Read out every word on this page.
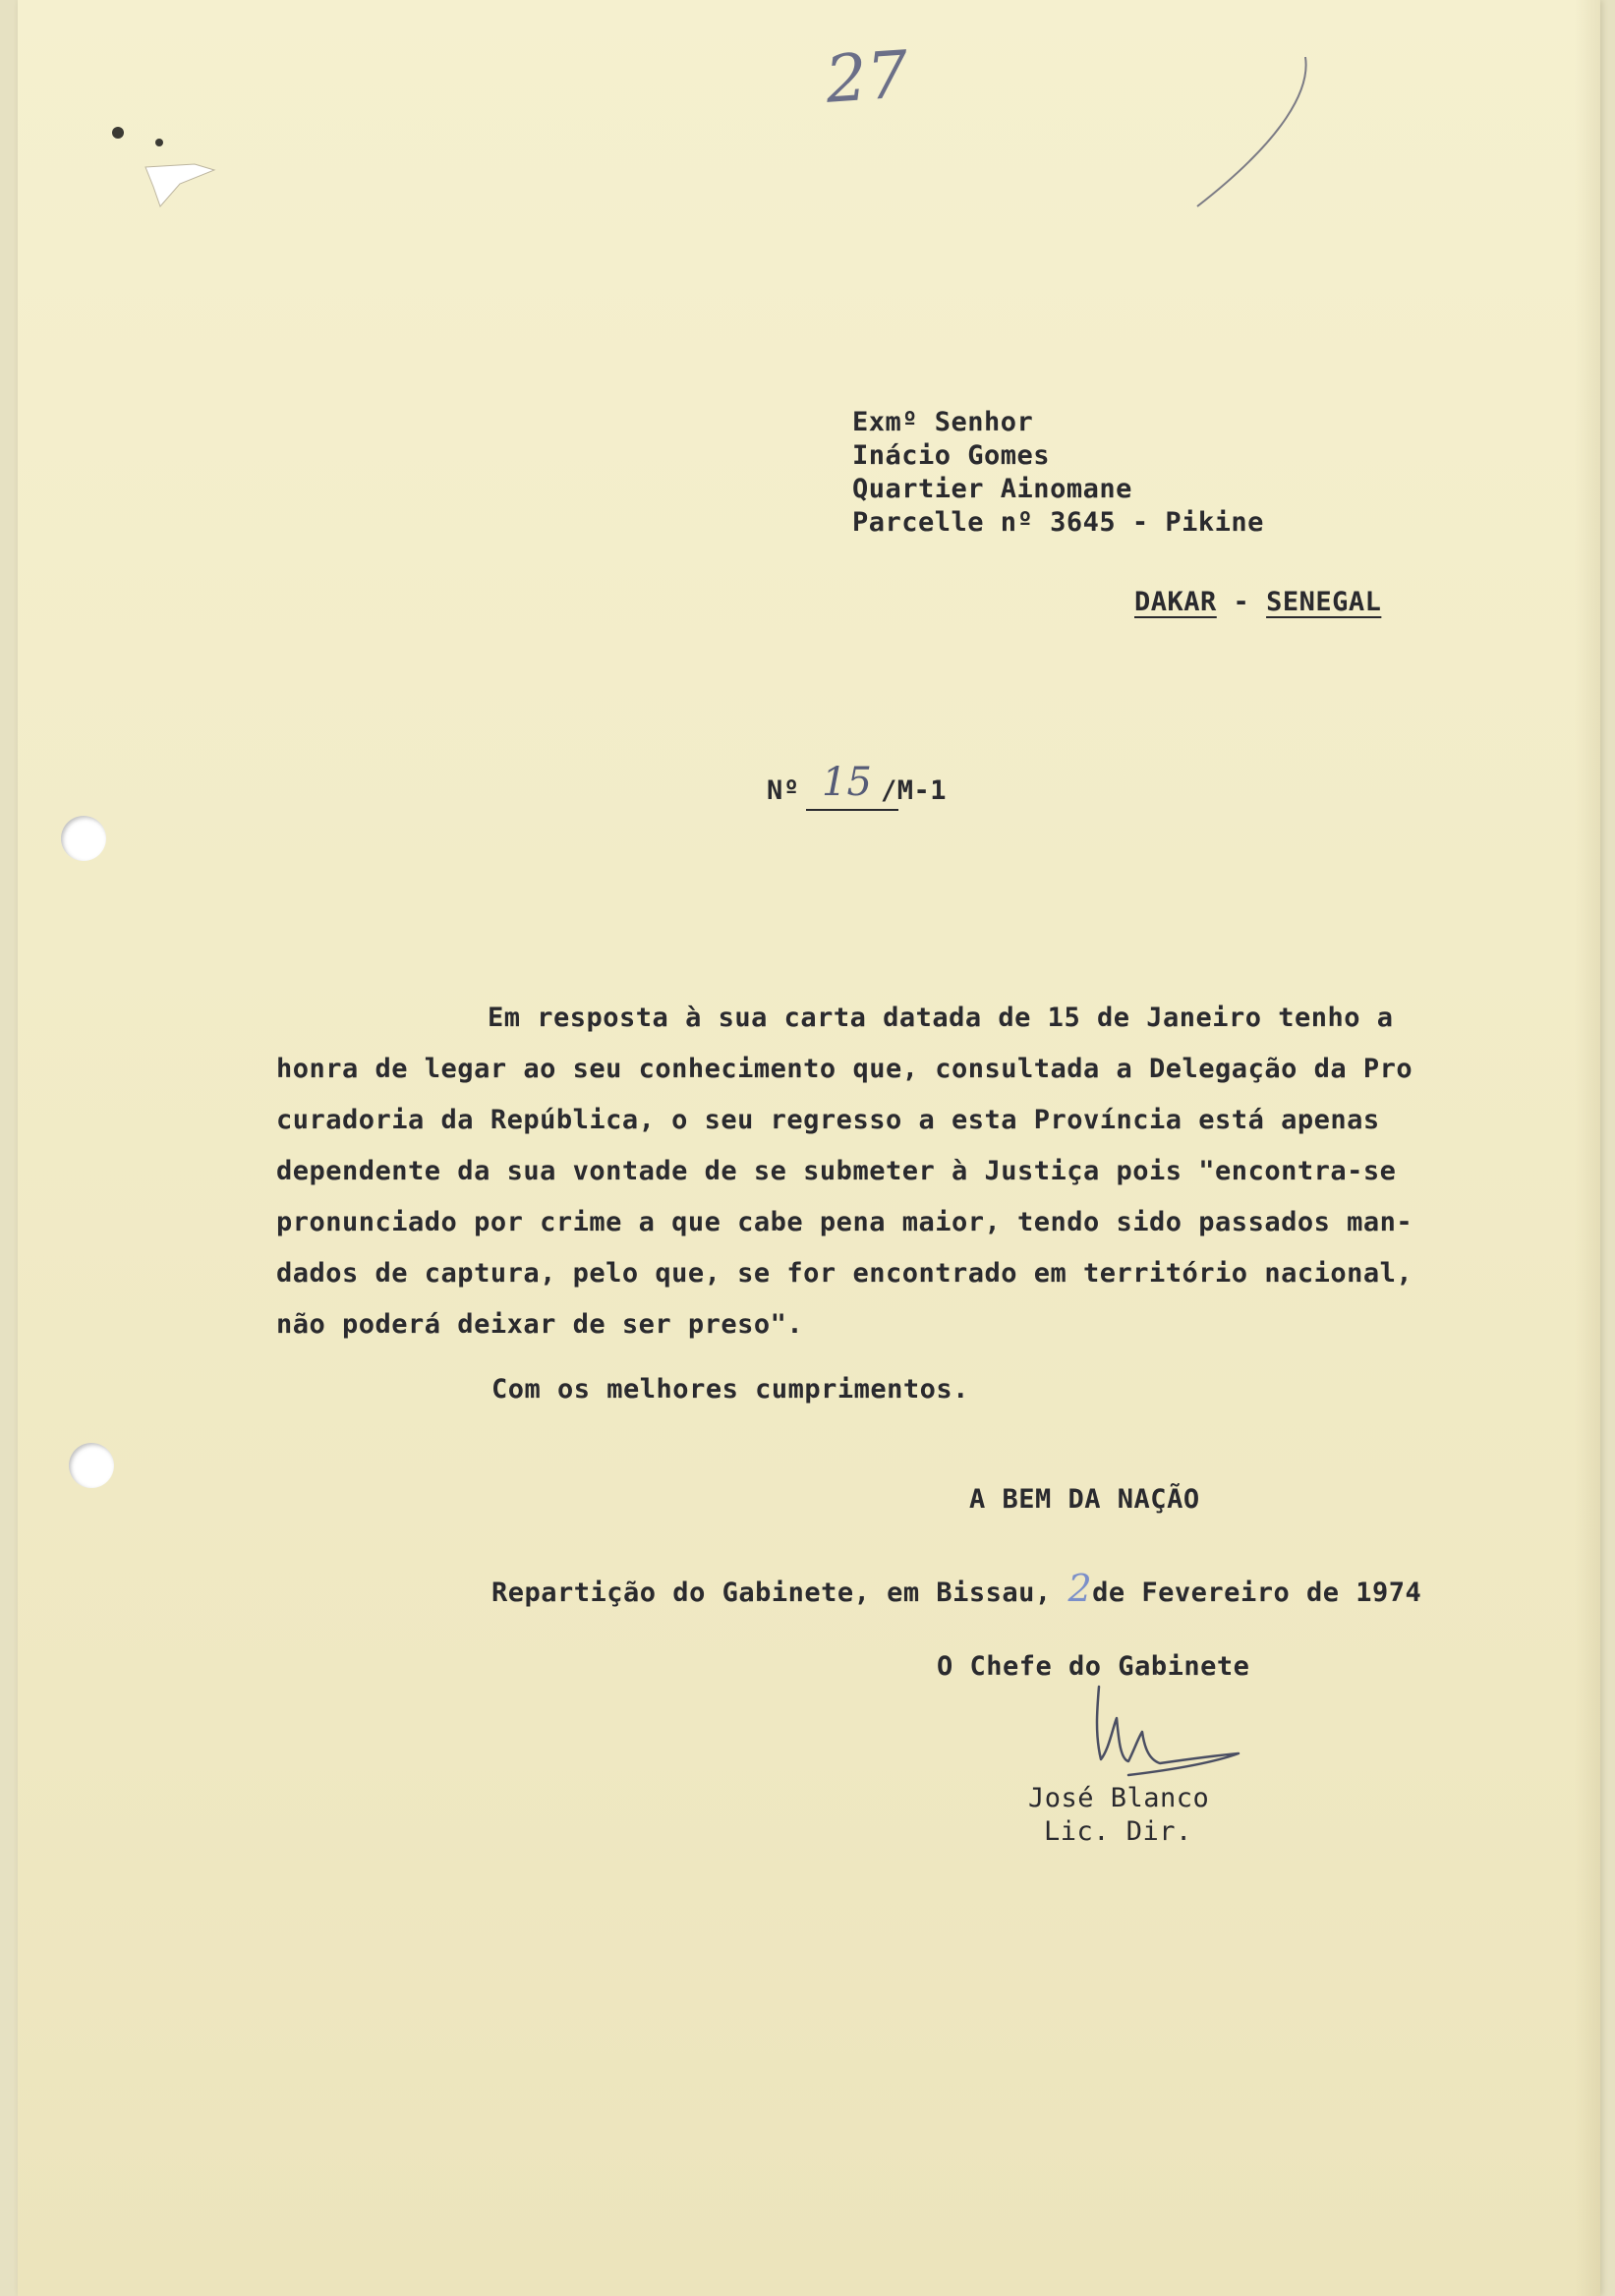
27
Exmº Senhor
Inácio Gomes
Quartier Ainomane
Parcelle nº 3645 - Pikine
DAKAR - SENEGAL
Nº 15 /M-1
Em resposta à sua carta datada de 15 de Janeiro tenho a
honra de legar ao seu conhecimento que, consultada a Delegação da Pro
curadoria da República, o seu regresso a esta Província está apenas
dependente da sua vontade de se submeter à Justiça pois "encontra-se
pronunciado por crime a que cabe pena maior, tendo sido passados man-
dados de captura, pelo que, se for encontrado em território nacional,
não poderá deixar de ser preso".
Com os melhores cumprimentos.
A BEM DA NAÇÃO
Repartição do Gabinete, em Bissau, 2de Fevereiro de 1974
O Chefe do Gabinete
José Blanco
Lic. Dir.
